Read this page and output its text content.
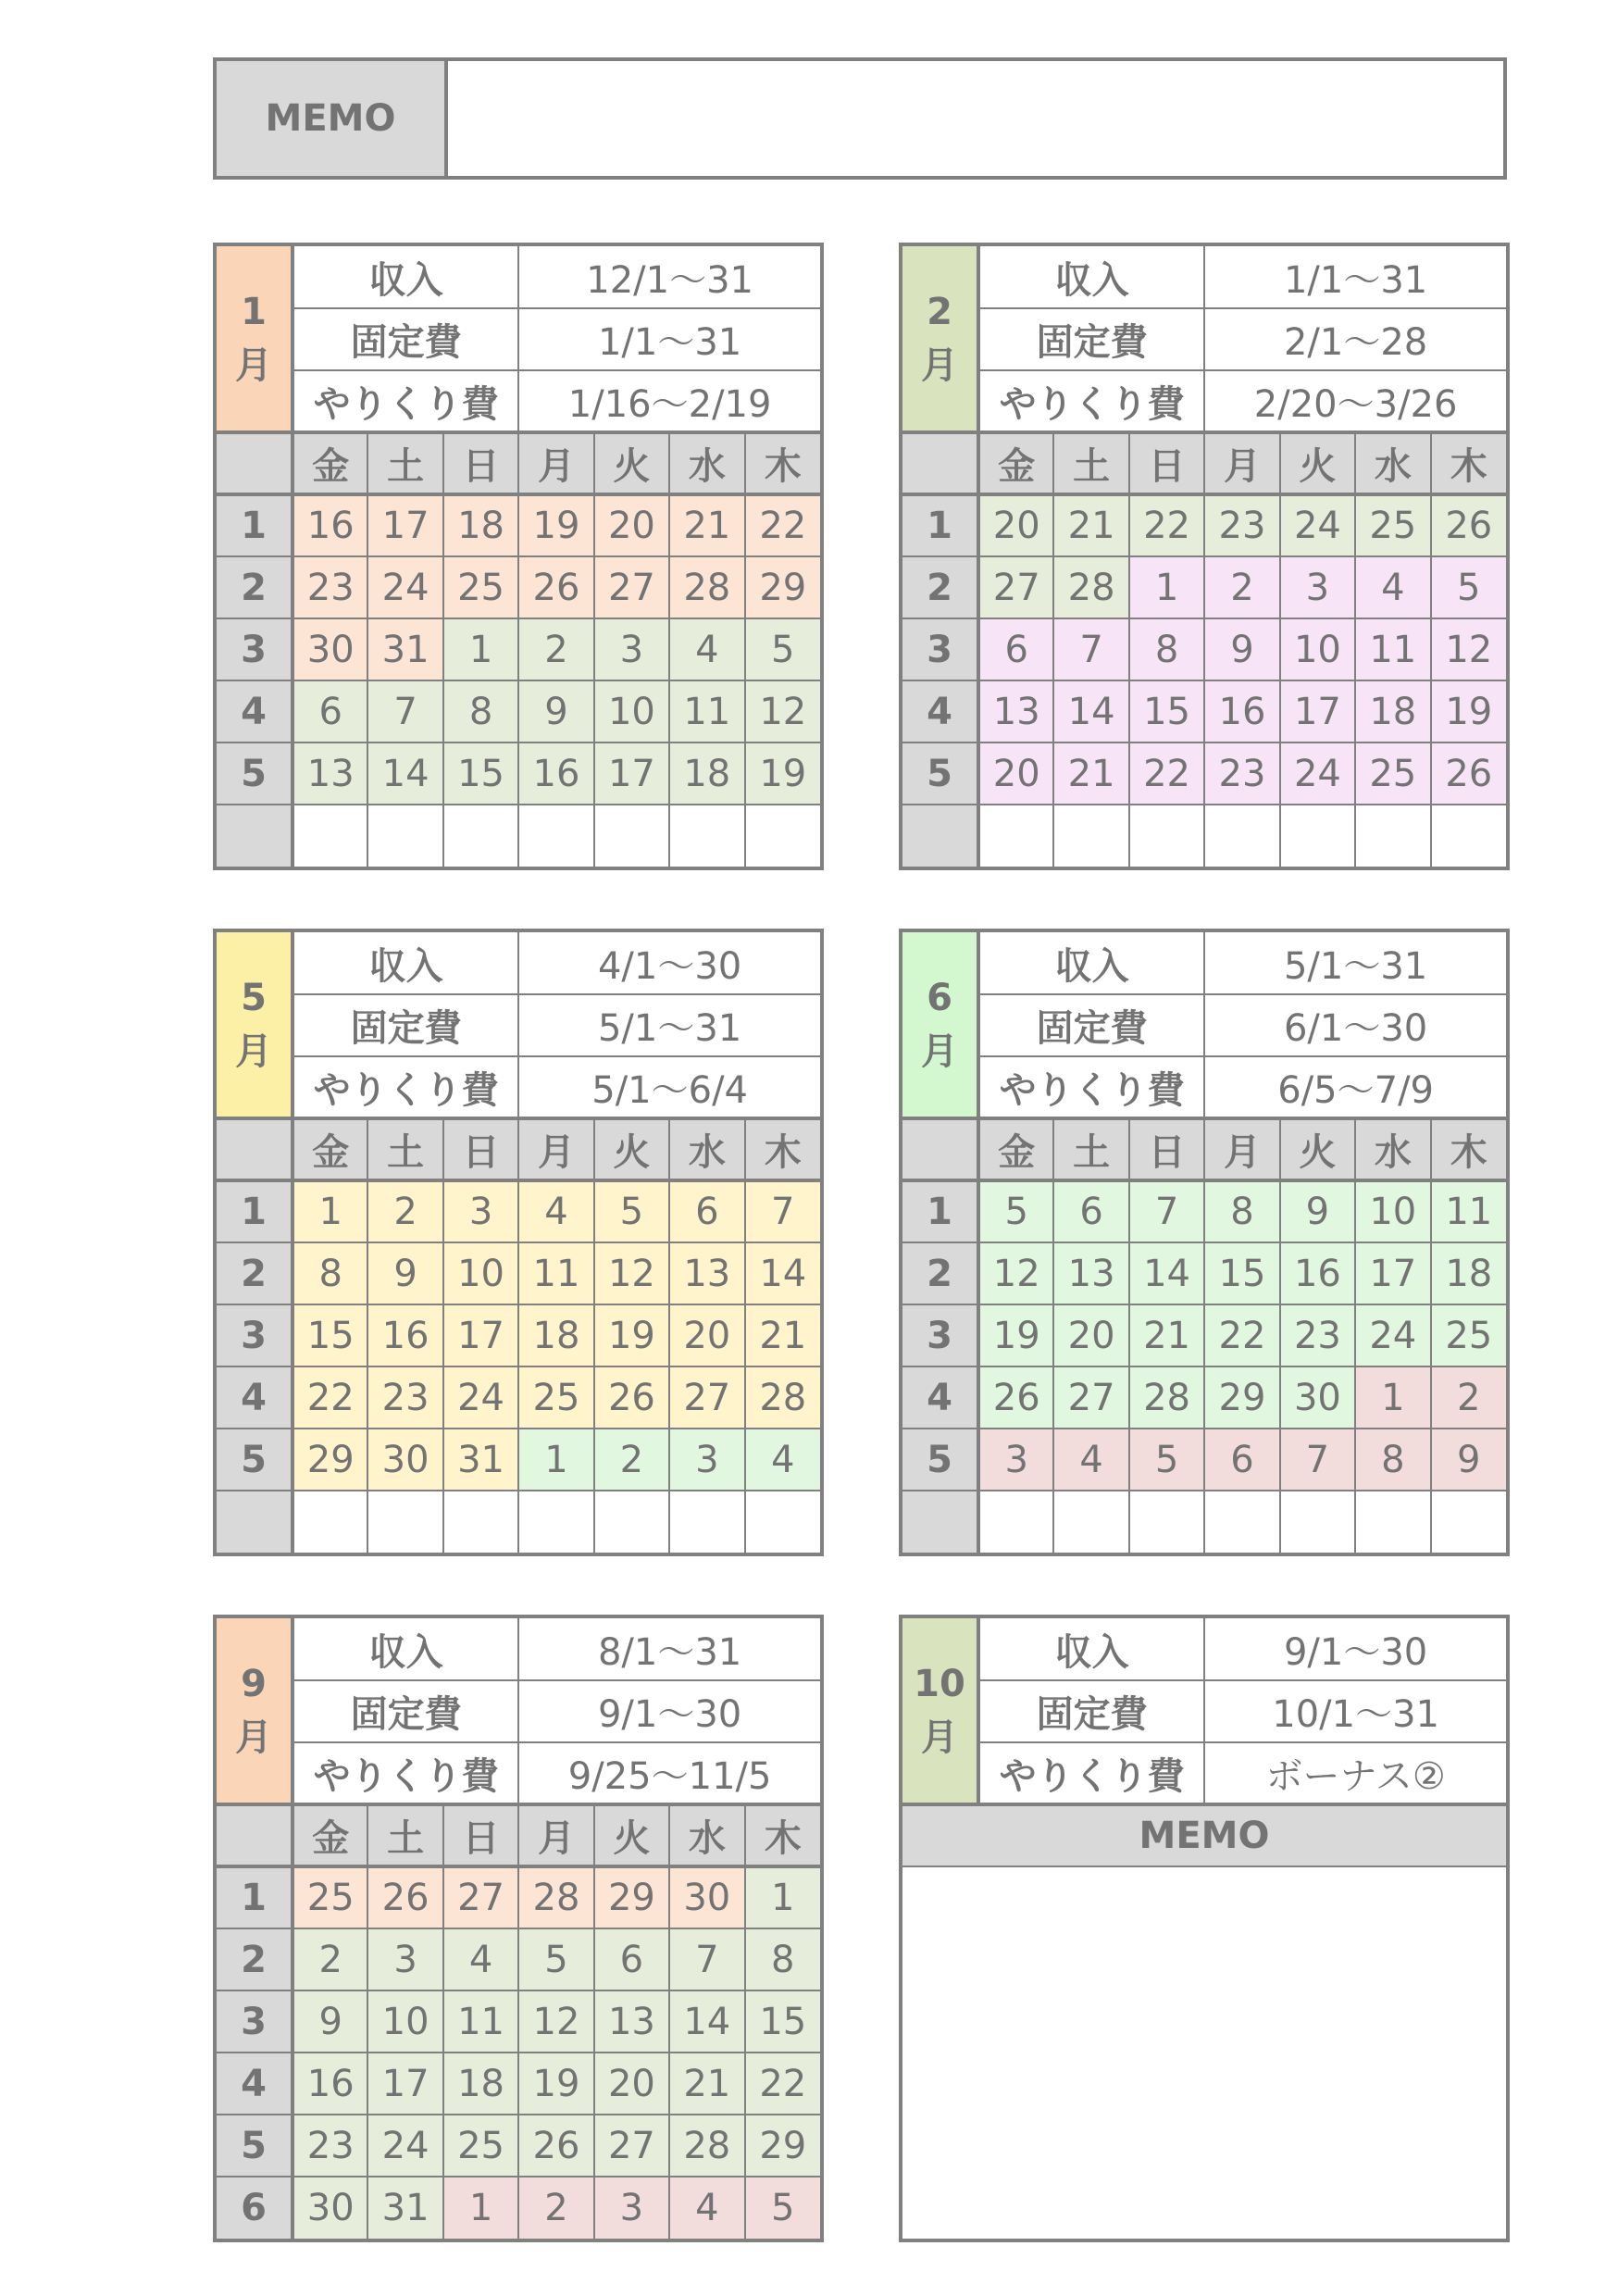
MEMO
1
月	収入			12/1～31			
	固定費			1/1～31			
	やりくり費			1/16～2/19			
	金	土	日	月	火	水	木
1	16	17	18	19	20	21	22
2	23	24	25	26	27	28	29
3	30	31	1	2	3	4	5
4	6	7	8	9	10	11	12
5	13	14	15	16	17	18	19

2
月	収入			1/1～31			
	固定費			2/1～28			
	やりくり費			2/20～3/26			
	金	土	日	月	火	水	木
1	20	21	22	23	24	25	26
2	27	28	1	2	3	4	5
3	6	7	8	9	10	11	12
4	13	14	15	16	17	18	19
5	20	21	22	23	24	25	26

5
月	収入			4/1～30			
	固定費			5/1～31			
	やりくり費			5/1～6/4			
	金	土	日	月	火	水	木
1	1	2	3	4	5	6	7
2	8	9	10	11	12	13	14
3	15	16	17	18	19	20	21
4	22	23	24	25	26	27	28
5	29	30	31	1	2	3	4

6
月	収入			5/1～31			
	固定費			6/1～30			
	やりくり費			6/5～7/9			
	金	土	日	月	火	水	木
1	5	6	7	8	9	10	11
2	12	13	14	15	16	17	18
3	19	20	21	22	23	24	25
4	26	27	28	29	30	1	2
5	3	4	5	6	7	8	9

9
月	収入			8/1～31			
	固定費			9/1～30			
	やりくり費			9/25～11/5			
	金	土	日	月	火	水	木
1	25	26	27	28	29	30	1
2	2	3	4	5	6	7	8
3	9	10	11	12	13	14	15
4	16	17	18	19	20	21	22
5	23	24	25	26	27	28	29
6	30	31	1	2	3	4	5
10
月	収入	9/1～30
	固定費	10/1～31
	やりくり費	ボーナス②
MEMO		
